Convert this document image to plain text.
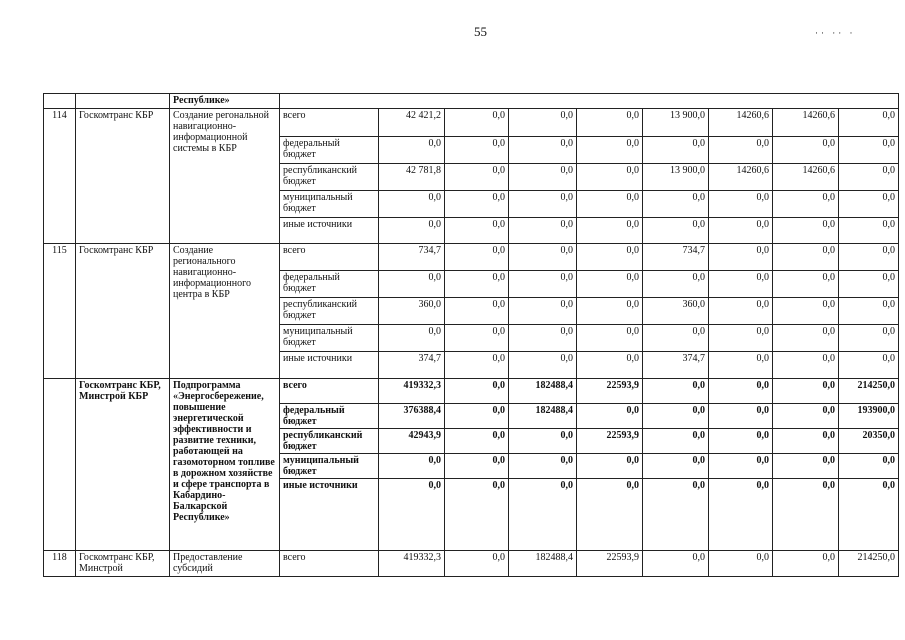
55	·· ·· ·
		Республике»									
114	Госкомтранс КБР	Создание регональной навигационно-информационной системы в КБР	всего	42 421,2	0,0	0,0	0,0	13 900,0	14260,6	14260,6	0,0
			федеральный бюджет	0,0	0,0	0,0	0,0	0,0	0,0	0,0	0,0
			республиканский бюджет	42 781,8	0,0	0,0	0,0	13 900,0	14260,6	14260,6	0,0
			муниципальный бюджет	0,0	0,0	0,0	0,0	0,0	0,0	0,0	0,0
			иные источники	0,0	0,0	0,0	0,0	0,0	0,0	0,0	0,0
115	Госкомтранс КБР	Создание регионального навигационно-информационного центра в КБР	всего	734,7	0,0	0,0	0,0	734,7	0,0	0,0	0,0
			федеральный бюджет	0,0	0,0	0,0	0,0	0,0	0,0	0,0	0,0
			республиканский бюджет	360,0	0,0	0,0	0,0	360,0	0,0	0,0	0,0
			муниципальный бюджет	0,0	0,0	0,0	0,0	0,0	0,0	0,0	0,0
			иные источники	374,7	0,0	0,0	0,0	374,7	0,0	0,0	0,0
	Госкомтранс КБР, Минстрой КБР	Подпрограмма «Энергосбережение, повышение энергетической эффективности и развитие техники, работающей на газомоторном топливе в дорожном хозяйстве и сфере транспорта в Кабардино-Балкарской Республике»	всего	419332,3	0,0	182488,4	22593,9	0,0	0,0	0,0	214250,0
			федеральный бюджет	376388,4	0,0	182488,4	0,0	0,0	0,0	0,0	193900,0
			республиканский бюджет	42943,9	0,0	0,0	22593,9	0,0	0,0	0,0	20350,0
			муниципальный бюджет	0,0	0,0	0,0	0,0	0,0	0,0	0,0	0,0
			иные источники	0,0	0,0	0,0	0,0	0,0	0,0	0,0	0,0
118	Госкомтранс КБР, Минстрой	Предоставление субсидий	всего	419332,3	0,0	182488,4	22593,9	0,0	0,0	0,0	214250,0
